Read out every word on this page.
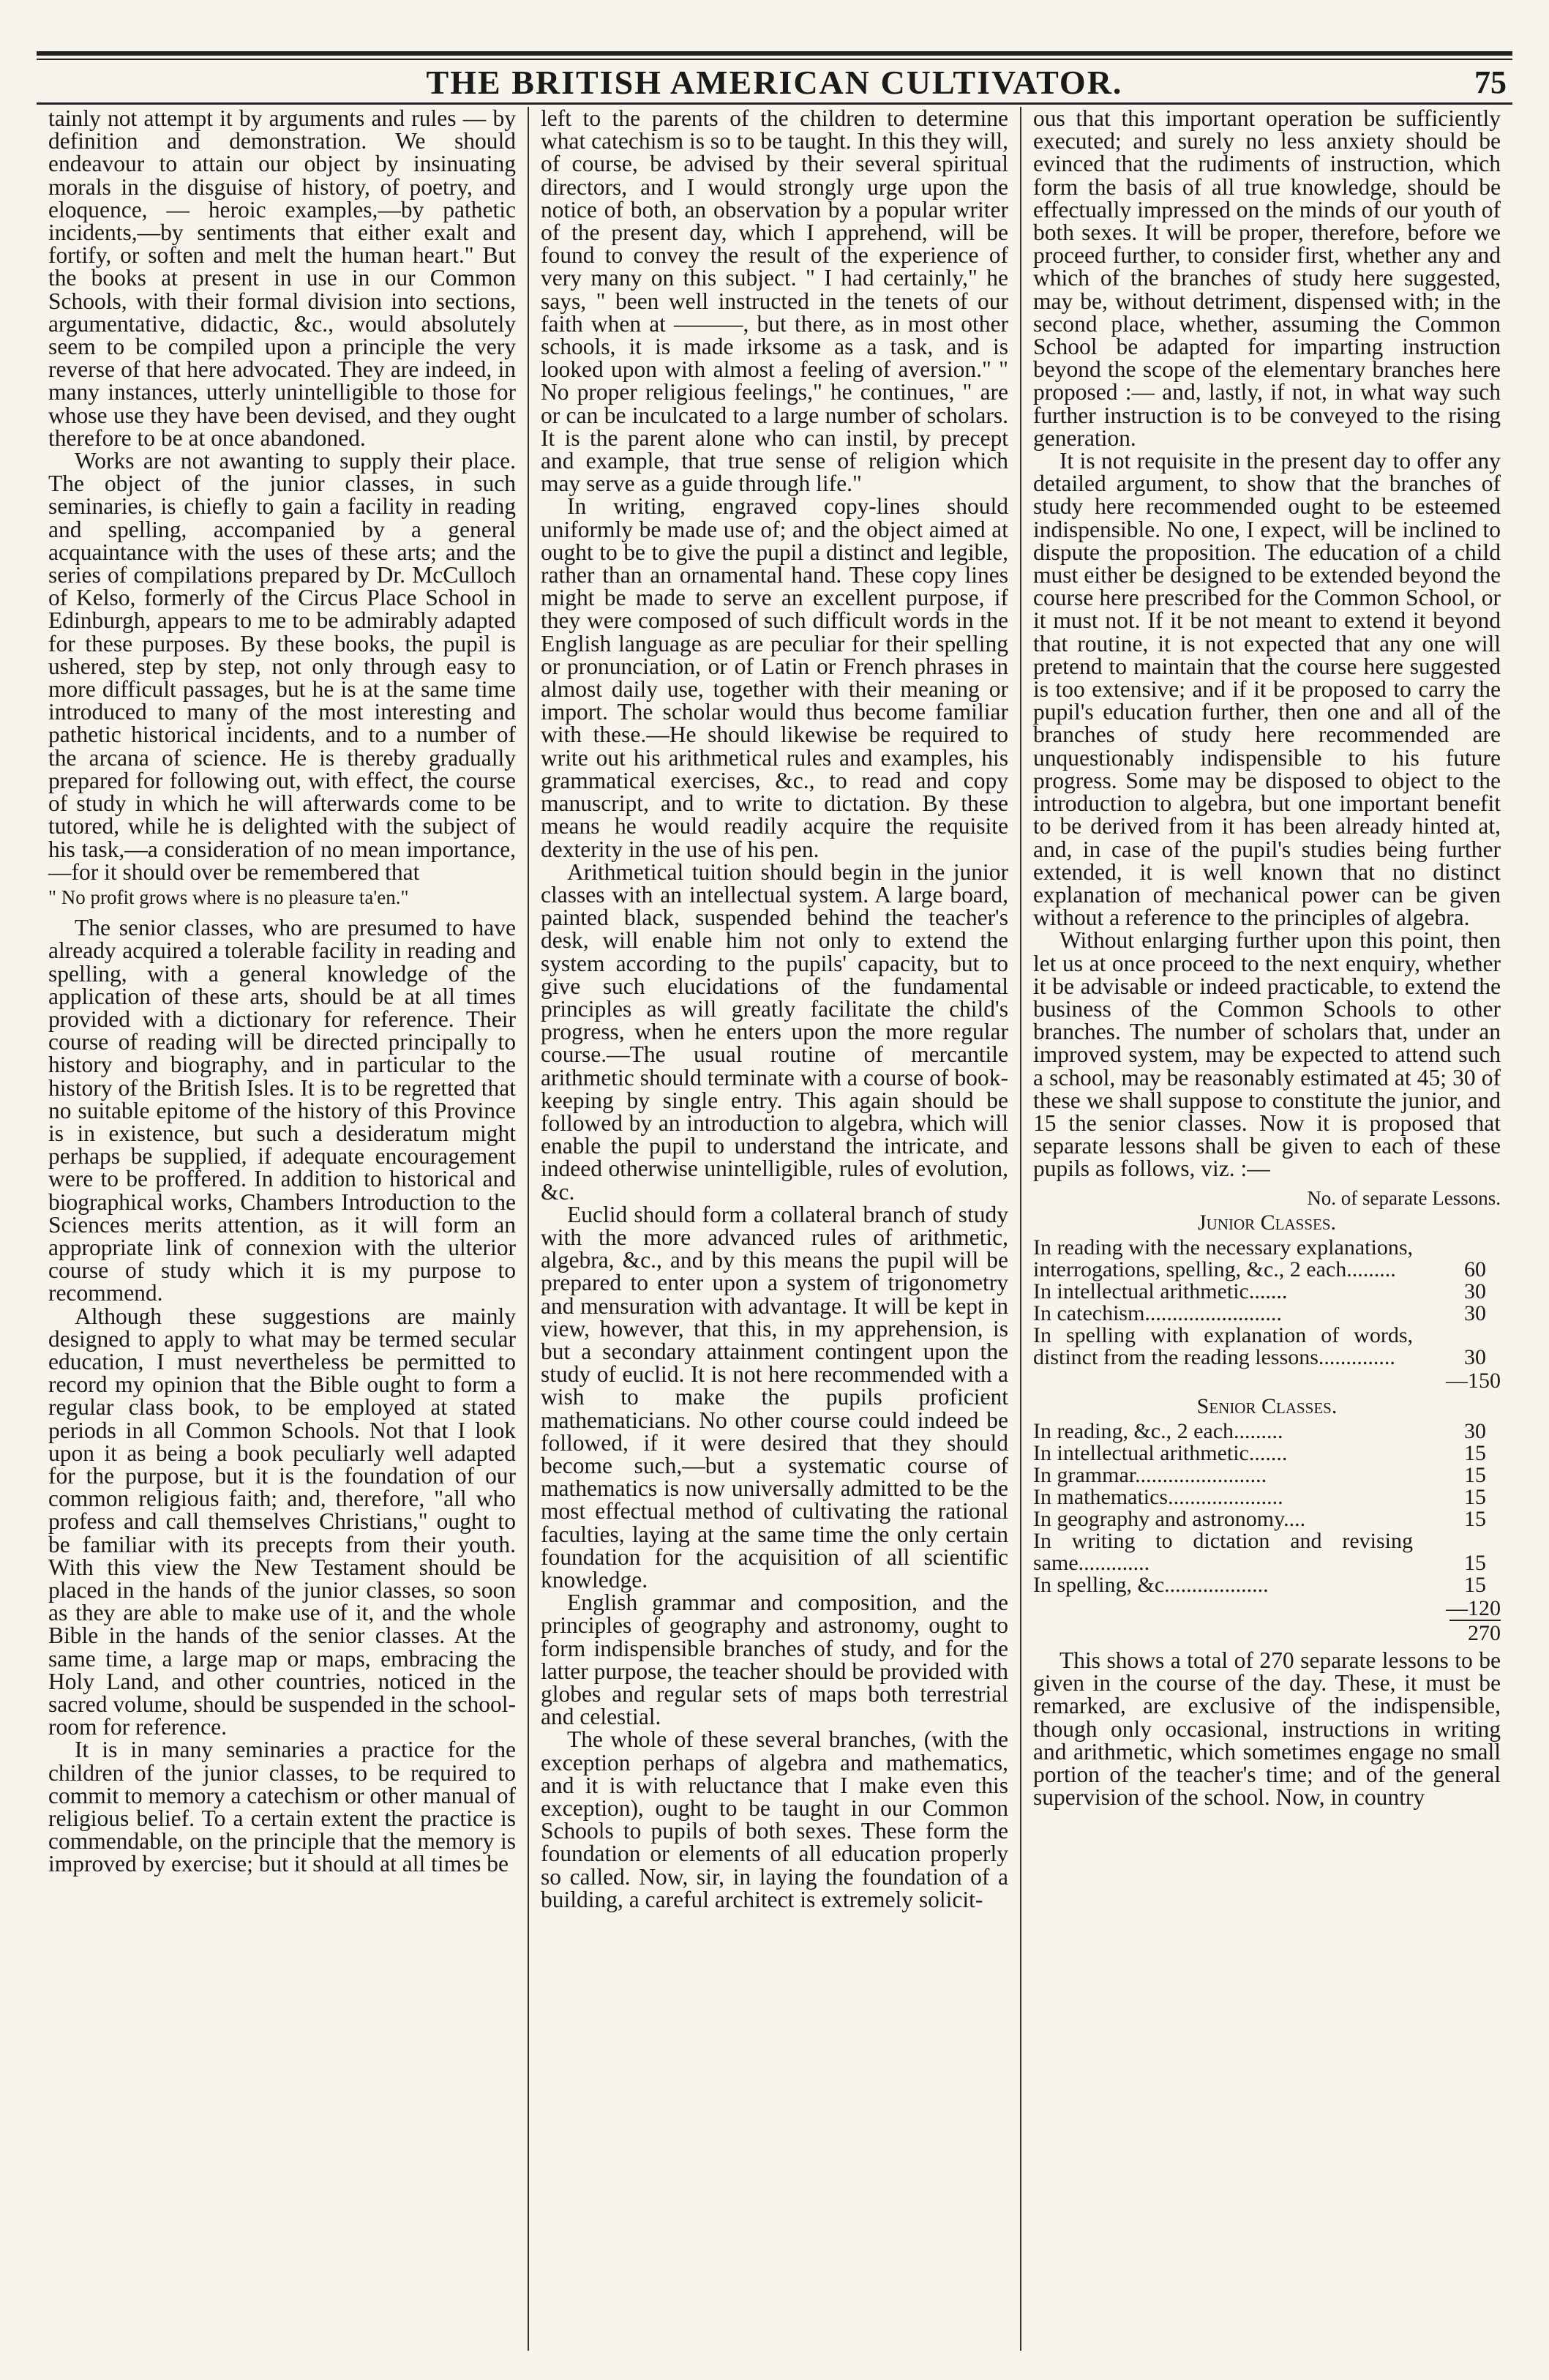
THE BRITISH AMERICAN CULTIVATOR.	75

tainly not attempt it by arguments and rules — by definition and demonstration. We should endeavour to attain our object by insinuating morals in the disguise of history, of poetry, and eloquence, — heroic examples,—by pathetic incidents,—by sentiments that either exalt and fortify, or soften and melt the human heart." But the books at present in use in our Common Schools, with their formal division into sections, argumentative, didactic, &c., would absolutely seem to be compiled upon a principle the very reverse of that here advocated. They are indeed, in many instances, utterly unintelligible to those for whose use they have been devised, and they ought therefore to be at once abandoned.

Works are not awanting to supply their place. The object of the junior classes, in such seminaries, is chiefly to gain a facility in reading and spelling, accompanied by a general acquaintance with the uses of these arts; and the series of compilations prepared by Dr. McCulloch of Kelso, formerly of the Circus Place School in Edinburgh, appears to me to be admirably adapted for these purposes. By these books, the pupil is ushered, step by step, not only through easy to more difficult passages, but he is at the same time introduced to many of the most interesting and pathetic historical incidents, and to a number of the arcana of science. He is thereby gradually prepared for following out, with effect, the course of study in which he will afterwards come to be tutored, while he is delighted with the subject of his task,—a consideration of no mean importance,—for it should over be remembered that

" No profit grows where is no pleasure ta'en."

The senior classes, who are presumed to have already acquired a tolerable facility in reading and spelling, with a general knowledge of the application of these arts, should be at all times provided with a dictionary for reference. Their course of reading will be directed principally to history and biography, and in particular to the history of the British Isles. It is to be regretted that no suitable epitome of the history of this Province is in existence, but such a desideratum might perhaps be supplied, if adequate encouragement were to be proffered. In addition to historical and biographical works, Chambers Introduction to the Sciences merits attention, as it will form an appropriate link of connexion with the ulterior course of study which it is my purpose to recommend.

Although these suggestions are mainly designed to apply to what may be termed secular education, I must nevertheless be permitted to record my opinion that the Bible ought to form a regular class book, to be employed at stated periods in all Common Schools. Not that I look upon it as being a book peculiarly well adapted for the purpose, but it is the foundation of our common religious faith; and, therefore, "all who profess and call themselves Christians," ought to be familiar with its precepts from their youth. With this view the New Testament should be placed in the hands of the junior classes, so soon as they are able to make use of it, and the whole Bible in the hands of the senior classes. At the same time, a large map or maps, embracing the Holy Land, and other countries, noticed in the sacred volume, should be suspended in the school-room for reference.

It is in many seminaries a practice for the children of the junior classes, to be required to commit to memory a catechism or other manual of religious belief. To a certain extent the practice is commendable, on the principle that the memory is improved by exercise; but it should at all times be

left to the parents of the children to determine what catechism is so to be taught. In this they will, of course, be advised by their several spiritual directors, and I would strongly urge upon the notice of both, an observation by a popular writer of the present day, which I apprehend, will be found to convey the result of the experience of very many on this subject. " I had certainly," he says, " been well instructed in the tenets of our faith when at ———, but there, as in most other schools, it is made irksome as a task, and is looked upon with almost a feeling of aversion." " No proper religious feelings," he continues, " are or can be inculcated to a large number of scholars. It is the parent alone who can instil, by precept and example, that true sense of religion which may serve as a guide through life."

In writing, engraved copy-lines should uniformly be made use of; and the object aimed at ought to be to give the pupil a distinct and legible, rather than an ornamental hand. These copy lines might be made to serve an excellent purpose, if they were composed of such difficult words in the English language as are peculiar for their spelling or pronunciation, or of Latin or French phrases in almost daily use, together with their meaning or import. The scholar would thus become familiar with these.—He should likewise be required to write out his arithmetical rules and examples, his grammatical exercises, &c., to read and copy manuscript, and to write to dictation. By these means he would readily acquire the requisite dexterity in the use of his pen.

Arithmetical tuition should begin in the junior classes with an intellectual system. A large board, painted black, suspended behind the teacher's desk, will enable him not only to extend the system according to the pupils' capacity, but to give such elucidations of the fundamental principles as will greatly facilitate the child's progress, when he enters upon the more regular course.—The usual routine of mercantile arithmetic should terminate with a course of book-keeping by single entry. This again should be followed by an introduction to algebra, which will enable the pupil to understand the intricate, and indeed otherwise unintelligible, rules of evolution, &c.

Euclid should form a collateral branch of study with the more advanced rules of arithmetic, algebra, &c., and by this means the pupil will be prepared to enter upon a system of trigonometry and mensuration with advantage. It will be kept in view, however, that this, in my apprehension, is but a secondary attainment contingent upon the study of euclid. It is not here recommended with a wish to make the pupils proficient mathematicians. No other course could indeed be followed, if it were desired that they should become such,—but a systematic course of mathematics is now universally admitted to be the most effectual method of cultivating the rational faculties, laying at the same time the only certain foundation for the acquisition of all scientific knowledge.

English grammar and composition, and the principles of geography and astronomy, ought to form indispensible branches of study, and for the latter purpose, the teacher should be provided with globes and regular sets of maps both terrestrial and celestial.

The whole of these several branches, (with the exception perhaps of algebra and mathematics, and it is with reluctance that I make even this exception), ought to be taught in our Common Schools to pupils of both sexes. These form the foundation or elements of all education properly so called. Now, sir, in laying the foundation of a building, a careful architect is extremely solicit-

ous that this important operation be sufficiently executed; and surely no less anxiety should be evinced that the rudiments of instruction, which form the basis of all true knowledge, should be effectually impressed on the minds of our youth of both sexes. It will be proper, therefore, before we proceed further, to consider first, whether any and which of the branches of study here suggested, may be, without detriment, dispensed with; in the second place, whether, assuming the Common School be adapted for imparting instruction beyond the scope of the elementary branches here proposed :— and, lastly, if not, in what way such further instruction is to be conveyed to the rising generation.

It is not requisite in the present day to offer any detailed argument, to show that the branches of study here recommended ought to be esteemed indispensible. No one, I expect, will be inclined to dispute the proposition. The education of a child must either be designed to be extended beyond the course here prescribed for the Common School, or it must not. If it be not meant to extend it beyond that routine, it is not expected that any one will pretend to maintain that the course here suggested is too extensive; and if it be proposed to carry the pupil's education further, then one and all of the branches of study here recommended are unquestionably indispensible to his future progress. Some may be disposed to object to the introduction to algebra, but one important benefit to be derived from it has been already hinted at, and, in case of the pupil's studies being further extended, it is well known that no distinct explanation of mechanical power can be given without a reference to the principles of algebra.

Without enlarging further upon this point, then let us at once proceed to the next enquiry, whether it be advisable or indeed practicable, to extend the business of the Common Schools to other branches. The number of scholars that, under an improved system, may be expected to attend such a school, may be reasonably estimated at 45; 30 of these we shall suppose to constitute the junior, and 15 the senior classes. Now it is proposed that separate lessons shall be given to each of these pupils as follows, viz. :—

No. of separate Lessons.
Junior Classes.
In reading with the necessary explanations, interrogations, spelling, &c., 2 each.........	60
In intellectual arithmetic.......	30
In catechism.........................	30
In spelling with explanation of words, distinct from the reading lessons..............	30
	—150
Senior Classes.
In reading, &c., 2 each.........	30
In intellectual arithmetic.......	15
In grammar........................	15
In mathematics.....................	15
In geography and astronomy....	15
In writing to dictation and revising same.............	15
In spelling, &c...................	15
	—120
	270

This shows a total of 270 separate lessons to be given in the course of the day. These, it must be remarked, are exclusive of the indispensible, though only occasional, instructions in writing and arithmetic, which sometimes engage no small portion of the teacher's time; and of the general supervision of the school. Now, in country
